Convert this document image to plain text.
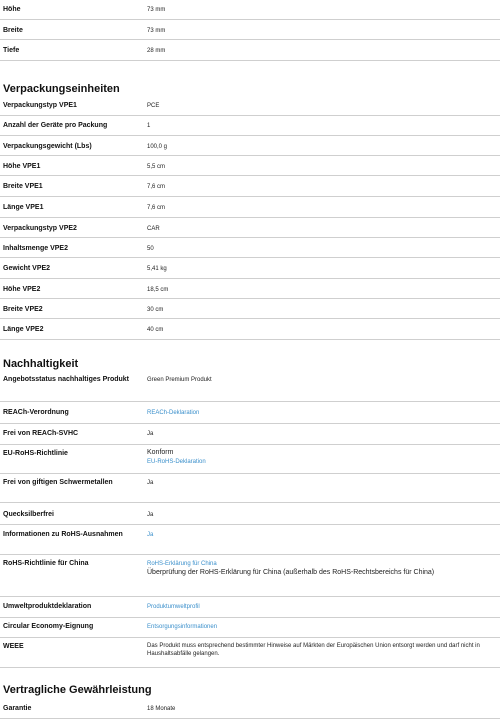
Höhe	73 mm
Breite	73 mm
Tiefe	28 mm
Verpackungseinheiten
Verpackungstyp VPE1	PCE
Anzahl der Geräte pro Packung	1
Verpackungsgewicht (Lbs)	100,0 g
Höhe VPE1	5,5 cm
Breite VPE1	7,6 cm
Länge VPE1	7,6 cm
Verpackungstyp VPE2	CAR
Inhaltsmenge VPE2	50
Gewicht VPE2	5,41 kg
Höhe VPE2	18,5 cm
Breite VPE2	30 cm
Länge VPE2	40 cm
Nachhaltigkeit
Angebotsstatus nachhaltiges Produkt	Green Premium Produkt
REACh-Verordnung	REACh-Deklaration
Frei von REACh-SVHC	Ja
EU-RoHS-Richtlinie	Konform
EU-RoHS-Deklaration
Frei von giftigen Schwermetallen	Ja
Quecksilberfrei	Ja
Informationen zu RoHS-Ausnahmen	Ja
RoHS-Richtlinie für China	RoHS-Erklärung für China
Überprüfung der RoHS-Erklärung für China (außerhalb des RoHS-Rechtsbereichs für China)
Umweltproduktdeklaration	Produktumweltprofil
Circular Economy-Eignung	Entsorgungsinformationen
WEEE	Das Produkt muss entsprechend bestimmter Hinweise auf Märkten der Europäischen Union entsorgt werden und darf nicht in Haushaltsabfälle gelangen.
Vertragliche Gewährleistung
Garantie	18 Monate
